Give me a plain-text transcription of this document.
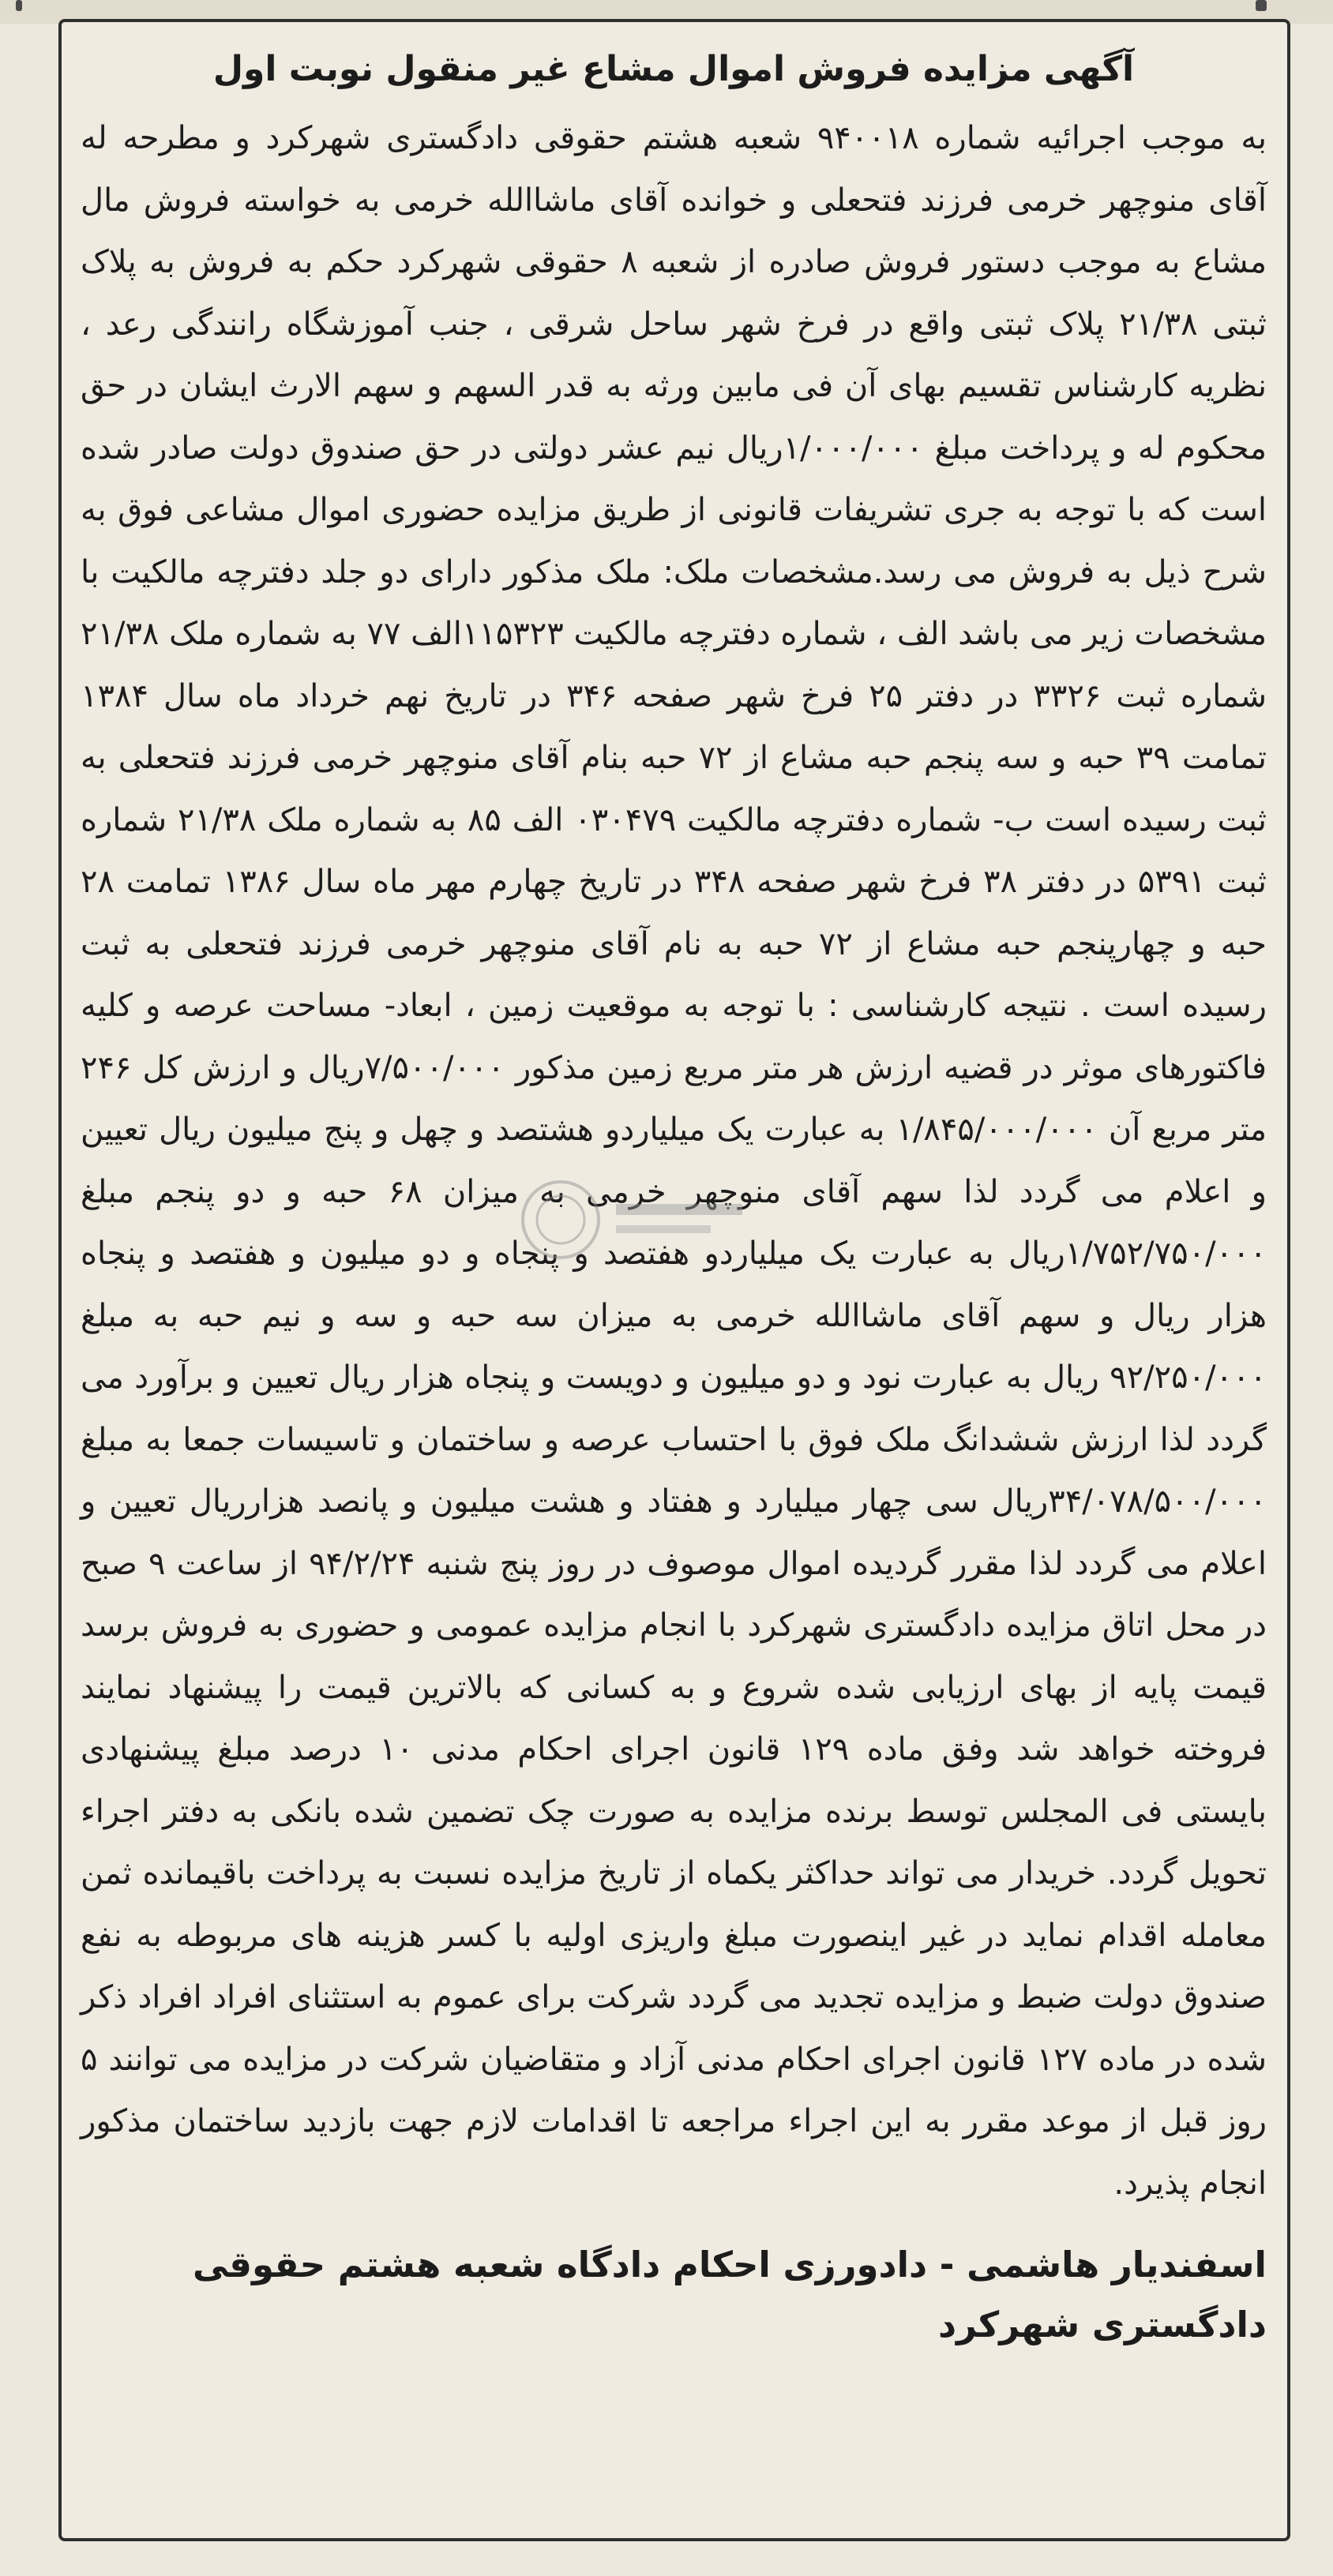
آگهی مزایده فروش اموال مشاع غیر منقول نوبت اول

به موجب اجرائیه شماره ۹۴۰۰۱۸ شعبه هشتم حقوقی دادگستری شهرکرد و مطرحه له آقای منوچهر خرمی فرزند فتحعلی و خوانده آقای ماشاالله خرمی به خواسته فروش مال مشاع به موجب دستور فروش صادره از شعبه ۸ حقوقی شهرکرد حکم به فروش به پلاک ثبتی ۲۱/۳۸ پلاک ثبتی واقع در فرخ شهر ساحل شرقی ، جنب آموزشگاه رانندگی رعد ، نظریه کارشناس تقسیم بهای آن فی مابین ورثه به قدر السهم و سهم الارث ایشان در حق محکوم له و پرداخت مبلغ ۱/۰۰۰/۰۰۰ریال نیم عشر دولتی در حق صندوق دولت صادر شده است که با توجه به جری تشریفات قانونی از طریق مزایده حضوری اموال مشاعی فوق به شرح ذیل به فروش می رسد.مشخصات ملک: ملک مذکور دارای دو جلد دفترچه مالکیت با مشخصات زیر می باشد الف ، شماره دفترچه مالکیت ۱۱۵۳۲۳الف ۷۷ به شماره ملک ۲۱/۳۸ شماره ثبت ۳۳۲۶ در دفتر ۲۵ فرخ شهر صفحه ۳۴۶ در تاریخ نهم خرداد ماه سال ۱۳۸۴ تمامت ۳۹ حبه و سه پنجم حبه مشاع از ۷۲ حبه بنام آقای منوچهر خرمی فرزند فتحعلی به ثبت رسیده است ب- شماره دفترچه مالکیت ۰۳۰۴۷۹ الف ۸۵ به شماره ملک ۲۱/۳۸ شماره ثبت ۵۳۹۱ در دفتر ۳۸ فرخ شهر صفحه ۳۴۸ در تاریخ چهارم مهر ماه سال ۱۳۸۶ تمامت ۲۸ حبه و چهارپنجم حبه مشاع از ۷۲ حبه به نام آقای منوچهر خرمی فرزند فتحعلی به ثبت رسیده است . نتیجه کارشناسی : با توجه به موقعیت زمین ، ابعاد- مساحت عرصه و کلیه فاکتورهای موثر در قضیه ارزش هر متر مربع زمین مذکور ۷/۵۰۰/۰۰۰ریال و ارزش کل ۲۴۶ متر مربع آن ۱/۸۴۵/۰۰۰/۰۰۰ به عبارت یک میلیاردو هشتصد و چهل و پنج میلیون ریال تعیین و اعلام می گردد لذا سهم آقای منوچهر خرمی به میزان ۶۸ حبه و دو پنجم مبلغ ۱/۷۵۲/۷۵۰/۰۰۰ریال به عبارت یک میلیاردو هفتصد و پنجاه و دو میلیون و هفتصد و پنجاه هزار ریال و سهم آقای ماشاالله خرمی به میزان سه حبه و سه و نیم حبه به مبلغ ۹۲/۲۵۰/۰۰۰ ریال به عبارت نود و دو میلیون و دویست و پنجاه هزار ریال تعیین و برآورد می گردد لذا ارزش ششدانگ ملک فوق با احتساب عرصه و ساختمان و تاسیسات جمعا به مبلغ ۳۴/۰۷۸/۵۰۰/۰۰۰ریال سی چهار میلیارد و هفتاد و هشت میلیون و پانصد هزارریال تعیین و اعلام می گردد لذا مقرر گردیده اموال موصوف در روز پنج شنبه ۹۴/۲/۲۴ از ساعت ۹ صبح در محل اتاق مزایده دادگستری شهرکرد با انجام مزایده عمومی و حضوری به فروش برسد قیمت پایه از بهای ارزیابی شده شروع و به کسانی که بالاترین قیمت را پیشنهاد نمایند فروخته خواهد شد وفق ماده ۱۲۹ قانون اجرای احکام مدنی ۱۰ درصد مبلغ پیشنهادی بایستی فی المجلس توسط برنده مزایده به صورت چک تضمین شده بانکی به دفتر اجراء تحویل گردد. خریدار می تواند حداکثر یکماه از تاریخ مزایده نسبت به پرداخت باقیمانده ثمن معامله اقدام نماید در غیر اینصورت مبلغ واریزی اولیه با کسر هزینه های مربوطه به نفع صندوق دولت ضبط و مزایده تجدید می گردد شرکت برای عموم به استثنای افراد افراد ذکر شده در ماده ۱۲۷ قانون اجرای احکام مدنی آزاد و متقاضیان شرکت در مزایده می توانند ۵ روز قبل از موعد مقرر به این اجراء مراجعه تا اقدامات لازم جهت بازدید ساختمان مذکور انجام پذیرد.

اسفندیار هاشمی - دادورزی احکام دادگاه شعبه هشتم حقوقی دادگستری شهرکرد
